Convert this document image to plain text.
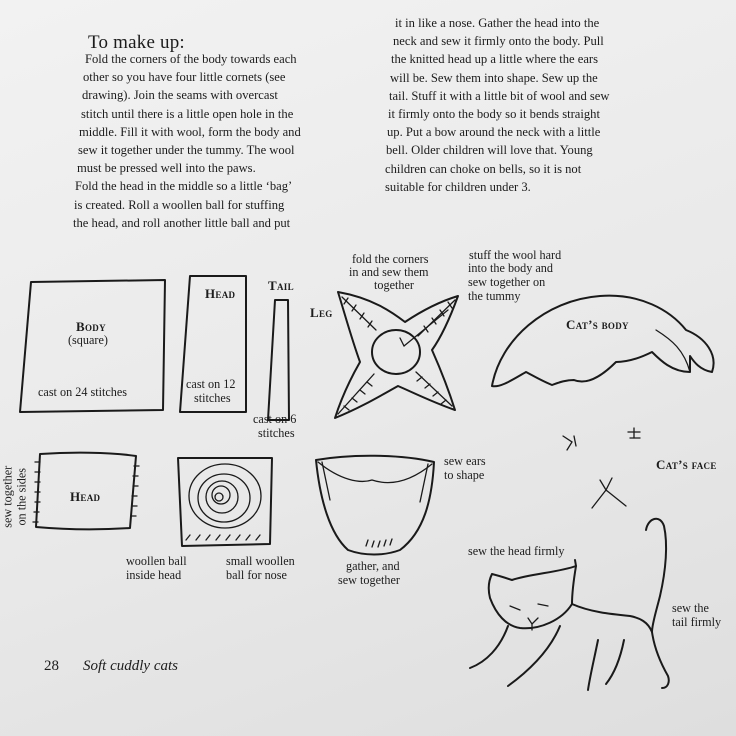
To make up:

Fold the corners of the body towards each

other so you have four little cornets (see

drawing). Join the seams with overcast

stitch until there is a little open hole in the

middle. Fill it with wool, form the body and

sew it together under the tummy. The wool

must be pressed well into the paws.

Fold the head in the middle so a little ‘bag’

is created. Roll a woollen ball for stuffing

the head, and roll another little ball and put

it in like a nose. Gather the head into the

neck and sew it firmly onto the body. Pull

the knitted head up a little where the ears

will be. Sew them into shape. Sew up the

tail. Stuff it with a little bit of wool and sew

it firmly onto the body so it bends straight

up. Put a bow around the neck with a little

bell. Older children will love that. Young

children can choke on bells, so it is not

suitable for children under 3.

Body
(square)
cast on 24 stitches
Head
cast on 12
stitches
Tail
cast on 6
stitches
fold the corners
in and sew them
together
Leg
stuff the wool hard
into the body and
sew together on
the tummy
Cat’s body
sew together on the sides	Head
woollen ball
inside head
small woollen
ball for nose
gather, and
sew together
sew ears
to shape
Cat’s face
sew the head firmly
sew the
tail firmly
28 Soft cuddly cats
